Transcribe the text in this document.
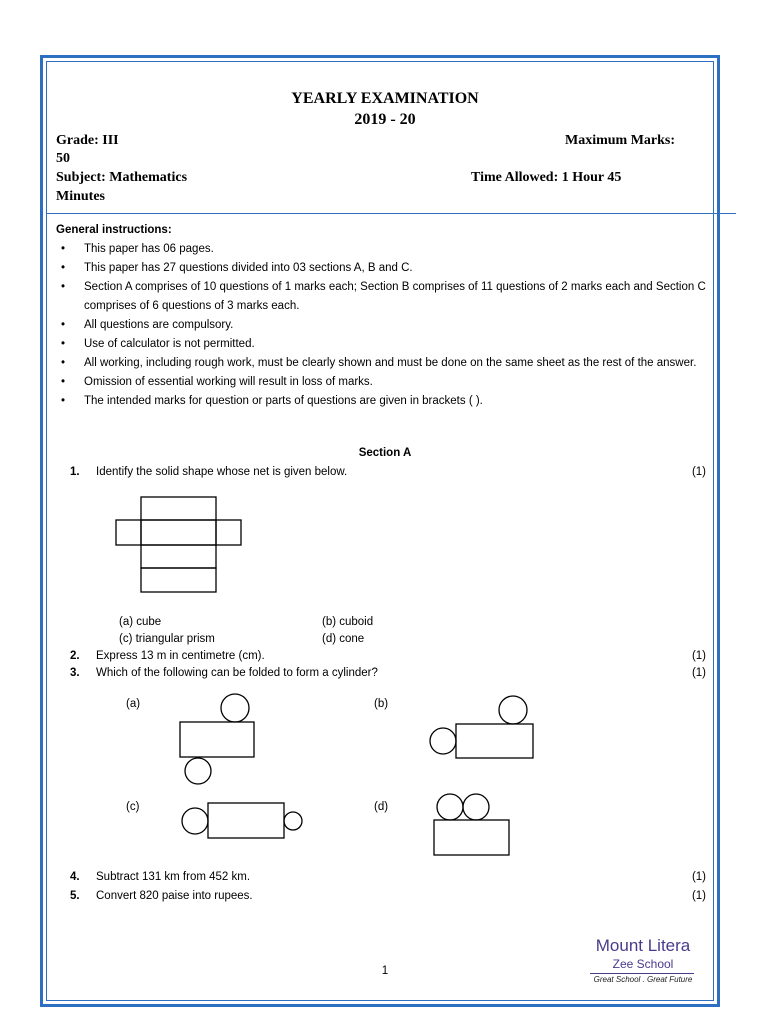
YEARLY EXAMINATION
2019 - 20
Grade: III	Maximum Marks:
50
Subject: Mathematics	Time Allowed: 1 Hour 45
Minutes
General instructions:
• This paper has 06 pages.
• This paper has 27 questions divided into 03 sections A, B and C.
• Section A comprises of 10 questions of 1 marks each; Section B comprises of 11 questions of 2 marks each and Section C comprises of 6 questions of 3 marks each.
• All questions are compulsory.
• Use of calculator is not permitted.
• All working, including rough work, must be clearly shown and must be done on the same sheet as the rest of the answer.
• Omission of essential working will result in loss of marks.
• The intended marks for question or parts of questions are given in brackets ( ).
Section A
1. Identify the solid shape whose net is given below.	(1)
(a) cube	(b) cuboid
(c) triangular prism	(d) cone
2. Express 13 m in centimetre (cm).	(1)
3. Which of the following can be folded to form a cylinder?	(1)
(a)	(b)
(c)	(d)
4. Subtract 131 km from 452 km.	(1)
5. Convert 820 paise into rupees.	(1)
1
Mount Litera
Zee School
Great School . Great Future
